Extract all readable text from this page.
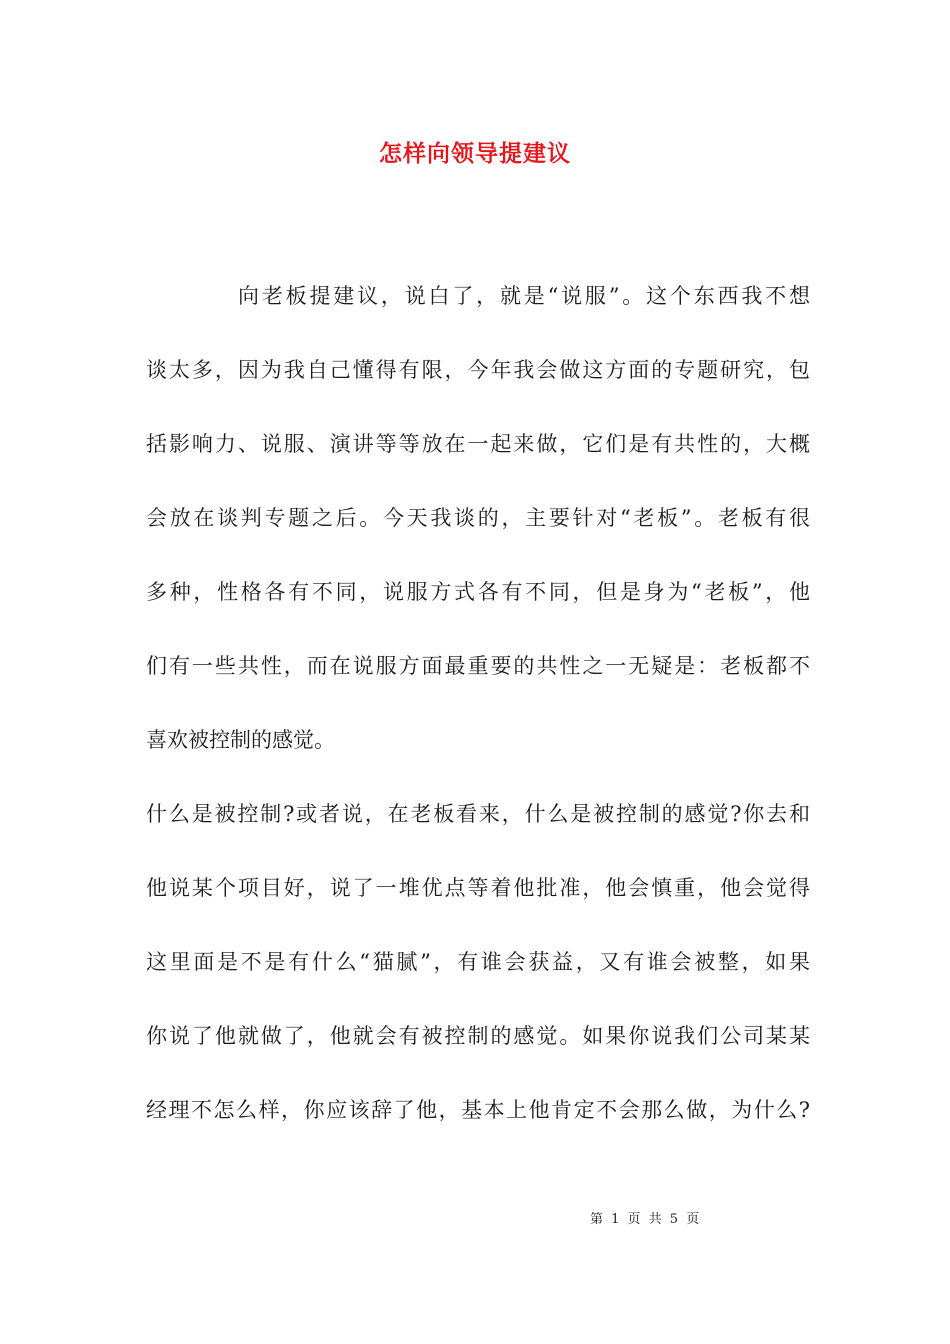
怎样向领导提建议
向老板提建议，说白了，就是“说服”。这个东西我不想
谈太多，因为我自己懂得有限，今年我会做这方面的专题研究，包
括影响力、说服、演讲等等放在一起来做，它们是有共性的，大概
会放在谈判专题之后。今天我谈的，主要针对“老板”。老板有很
多种，性格各有不同，说服方式各有不同，但是身为“老板”，他
们有一些共性，而在说服方面最重要的共性之一无疑是：老板都不
喜欢被控制的感觉。
什么是被控制?或者说，在老板看来，什么是被控制的感觉?你去和
他说某个项目好，说了一堆优点等着他批准，他会慎重，他会觉得
这里面是不是有什么“猫腻”，有谁会获益，又有谁会被整，如果
你说了他就做了，他就会有被控制的感觉。如果你说我们公司某某
经理不怎么样，你应该辞了他，基本上他肯定不会那么做，为什么?
第 1 页 共 5 页
